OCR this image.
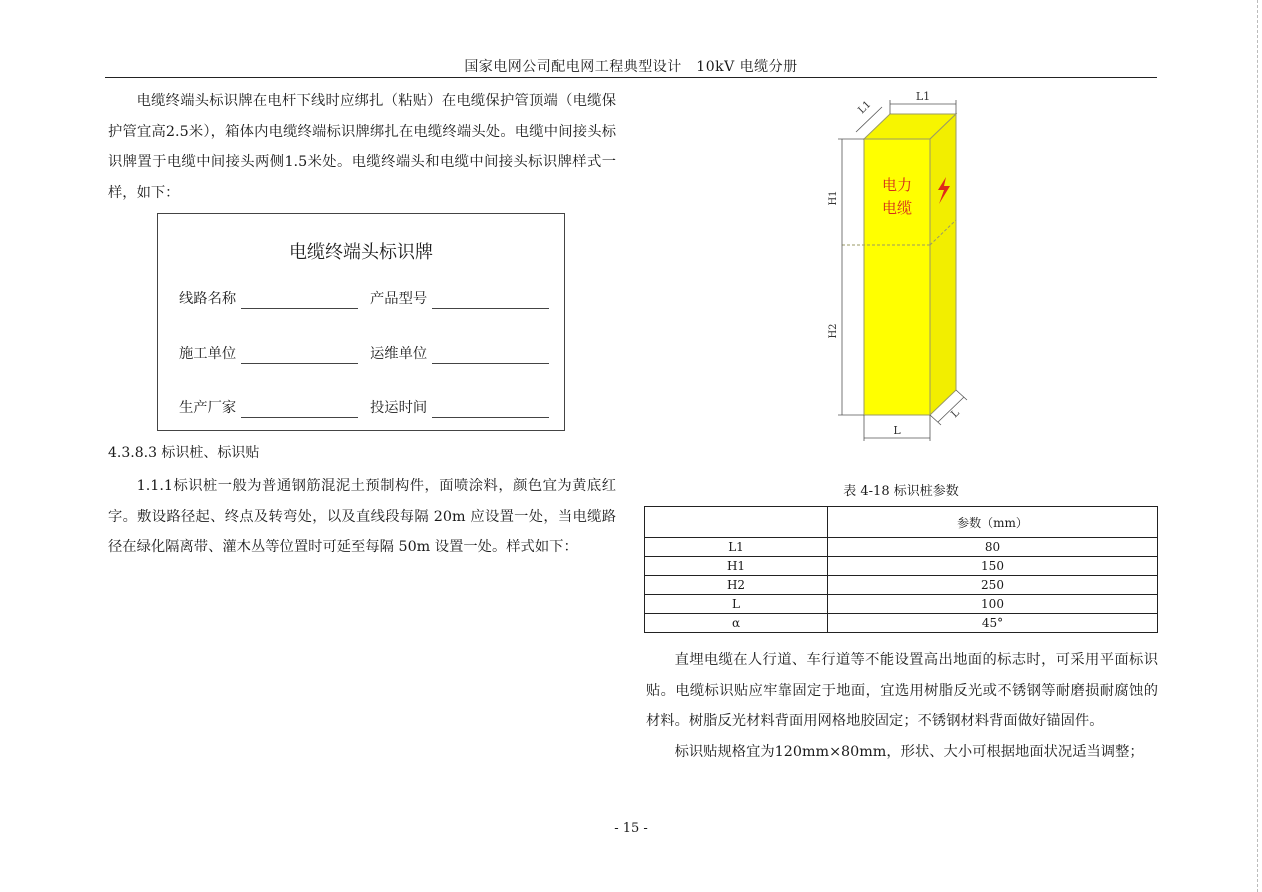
国家电网公司配电网工程典型设计　10kV 电缆分册

电缆终端头标识牌在电杆下线时应绑扎（粘贴）在电缆保护管顶端（电缆保护管宜高2.5米），箱体内电缆终端标识牌绑扎在电缆终端头处。电缆中间接头标识牌置于电缆中间接头两侧1.5米处。电缆终端头和电缆中间接头标识牌样式一样，如下：

电缆终端头标识牌
线路名称	产品型号
施工单位	运维单位
生产厂家	投运时间
4.3.8.3 标识桩、标识贴

1.1.1标识桩一般为普通钢筋混泥土预制构件，面喷涂料，颜色宜为黄底红字。敷设路径起、终点及转弯处，以及直线段每隔 20m 应设置一处，当电缆路径在绿化隔离带、灌木丛等位置时可延至每隔 50m 设置一处。样式如下：

电力
电缆
L1
L1
H1
H2
L
L
表 4-18 标识桩参数
	参数（mm）
L1	80
H1	150
H2	250
L	100
α	45°

直埋电缆在人行道、车行道等不能设置高出地面的标志时，可采用平面标识贴。电缆标识贴应牢靠固定于地面，宜选用树脂反光或不锈钢等耐磨损耐腐蚀的材料。树脂反光材料背面用网格地胶固定；不锈钢材料背面做好锚固件。

标识贴规格宜为120mm×80mm，形状、大小可根据地面状况适当调整；

- 15 -
